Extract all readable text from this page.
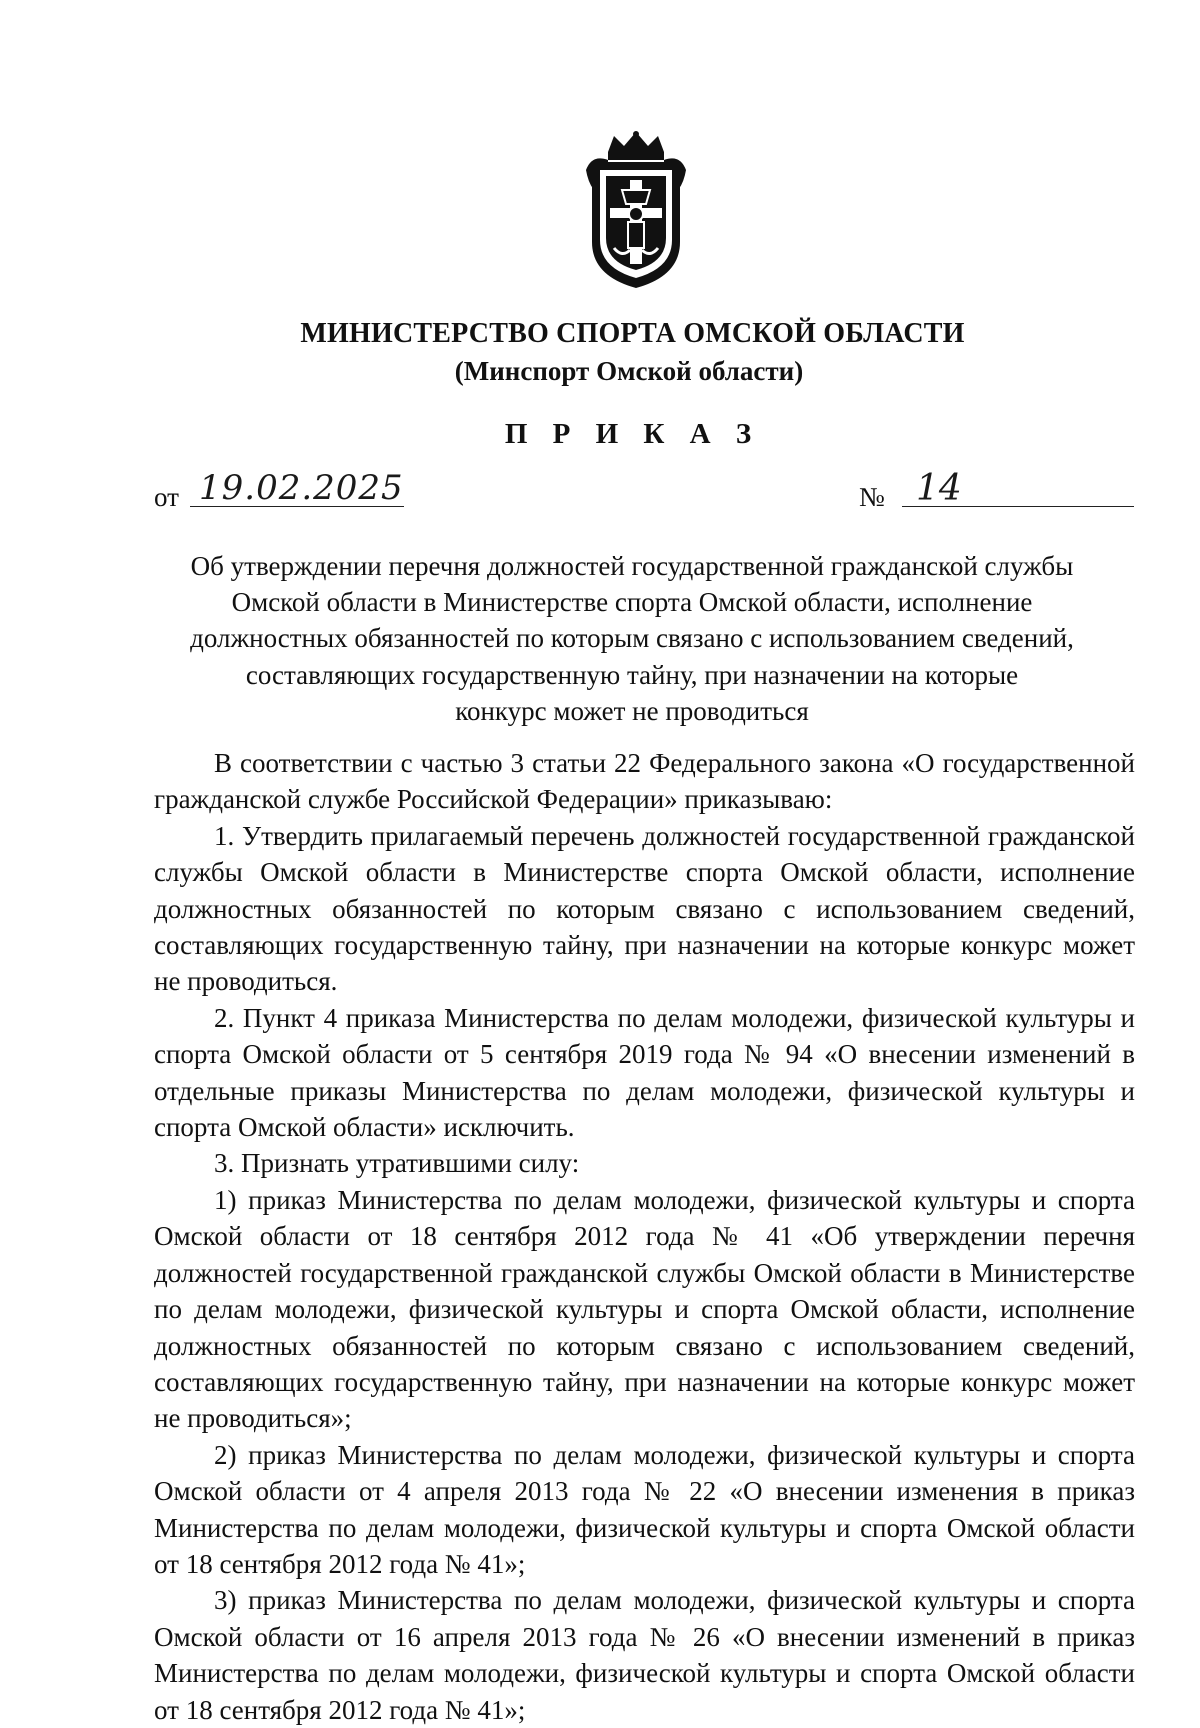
МИНИСТЕРСТВО СПОРТА ОМСКОЙ ОБЛАСТИ
(Минспорт Омской области)
П Р И К А З
от 19.02.2025	№ 14
Об утверждении перечня должностей государственной гражданской службы
Омской области в Министерстве спорта Омской области, исполнение
должностных обязанностей по которым связано с использованием сведений,
составляющих государственную тайну, при назначении на которые
конкурс может не проводиться

В соответствии с частью 3 статьи 22 Федерального закона «О государственной гражданской службе Российской Федерации» приказываю:

1. Утвердить прилагаемый перечень должностей государственной гражданской службы Омской области в Министерстве спорта Омской области, исполнение должностных обязанностей по которым связано с использованием сведений, составляющих государственную тайну, при назначении на которые конкурс может не проводиться.

2. Пункт 4 приказа Министерства по делам молодежи, физической культуры и спорта Омской области от 5 сентября 2019 года № 94 «О внесении изменений в отдельные приказы Министерства по делам молодежи, физической культуры и спорта Омской области» исключить.

3. Признать утратившими силу:

1) приказ Министерства по делам молодежи, физической культуры и спорта Омской области от 18 сентября 2012 года № 41 «Об утверждении перечня должностей государственной гражданской службы Омской области в Министерстве по делам молодежи, физической культуры и спорта Омской области, исполнение должностных обязанностей по которым связано с использованием сведений, составляющих государственную тайну, при назначении на которые конкурс может не проводиться»;

2) приказ Министерства по делам молодежи, физической культуры и спорта Омской области от 4 апреля 2013 года № 22 «О внесении изменения в приказ Министерства по делам молодежи, физической культуры и спорта Омской области от 18 сентября 2012 года № 41»;

3) приказ Министерства по делам молодежи, физической культуры и спорта Омской области от 16 апреля 2013 года № 26 «О внесении изменений в приказ Министерства по делам молодежи, физической культуры и спорта Омской области от 18 сентября 2012 года № 41»;
